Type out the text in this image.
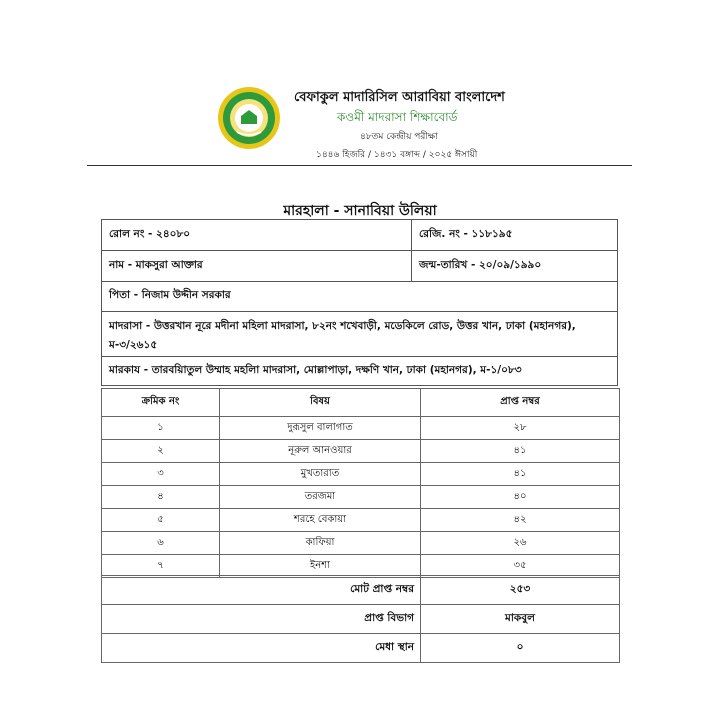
বেফাকুল মাদারিসিল আরাবিয়া বাংলাদেশ
কওমী মাদরাসা শিক্ষাবোর্ড
৪৮তম কেন্দ্রীয় পরীক্ষা
১৪৪৬ হিজরি / ১৪৩১ বঙ্গাব্দ / ২০২৫ ঈসায়ী
মারহালা - সানাবিয়া উলিয়া
রোল নং - ২৪০৮০	রেজি. নং - ১১৮১৯৫
নাম - মাকসুরা আক্তার	জন্ম-তারিখ - ২০/০৯/১৯৯০
পিতা - নিজাম উদ্দীন সরকার
মাদরাসা - উত্তরখান নূরে মদীনা মহিলা মাদরাসা, ৮২নং শখেবাড়ী, মডেকিলে রোড, উত্তর খান, ঢাকা (মহানগর), ম-৩/২৬১৫
মারকায - তারবয়িাতুল উম্মাহ মহলিা মাদরাসা, মোল্লাপাড়া, দক্ষণি খান, ঢাকা (মহানগর), ম-১/০৮৩
ক্রমিক নং	বিষয়	প্রাপ্ত নম্বর
১	দুরূসুল বালাগাত	২৮
২	নূরুল আনওয়ার	৪১
৩	মুখতারাত	৪১
৪	তরজমা	৪০
৫	শরহে বেকায়া	৪২
৬	কাফিয়া	২৬
৭	ইনশা	৩৫
মোট প্রাপ্ত নম্বর	২৫৩
প্রাপ্ত বিভাগ	মাকবুল
মেধা স্থান	০
